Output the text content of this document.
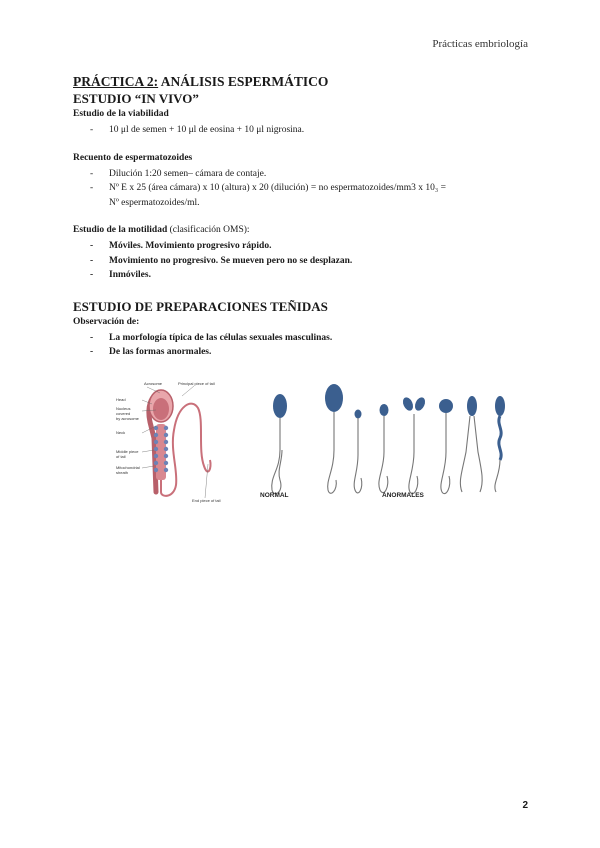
Prácticas embriología

PRÁCTICA 2: ANÁLISIS ESPERMÁTICO

ESTUDIO “IN VIVO”

Estudio de la viabilidad

- 10 μl de semen + 10 μl de eosina + 10 μl nigrosina.

Recuento de espermatozoides

- Dilución 1:20 semen– cámara de contaje.
- Nº E x 25 (área cámara) x 10 (altura) x 20 (dilución) = no espermatozoides/mm3 x 10₃ =
Nº espermatozoides/ml.

Estudio de la motilidad (clasificación OMS):

- Móviles. Movimiento progresivo rápido.
- Movimiento no progresivo. Se mueven pero no se desplazan.
- Inmóviles.

ESTUDIO DE PREPARACIONES TEÑIDAS

Observación de:

- La morfología típica de las células sexuales masculinas.
- De las formas anormales.
Acrosome
Head
Nucleus
covered
by acrosome
Neck
Middle piece
of tail
Mitochondrial
sheath
Principal piece of tail
End piece of tail
NORMAL	ANORMALES
2
